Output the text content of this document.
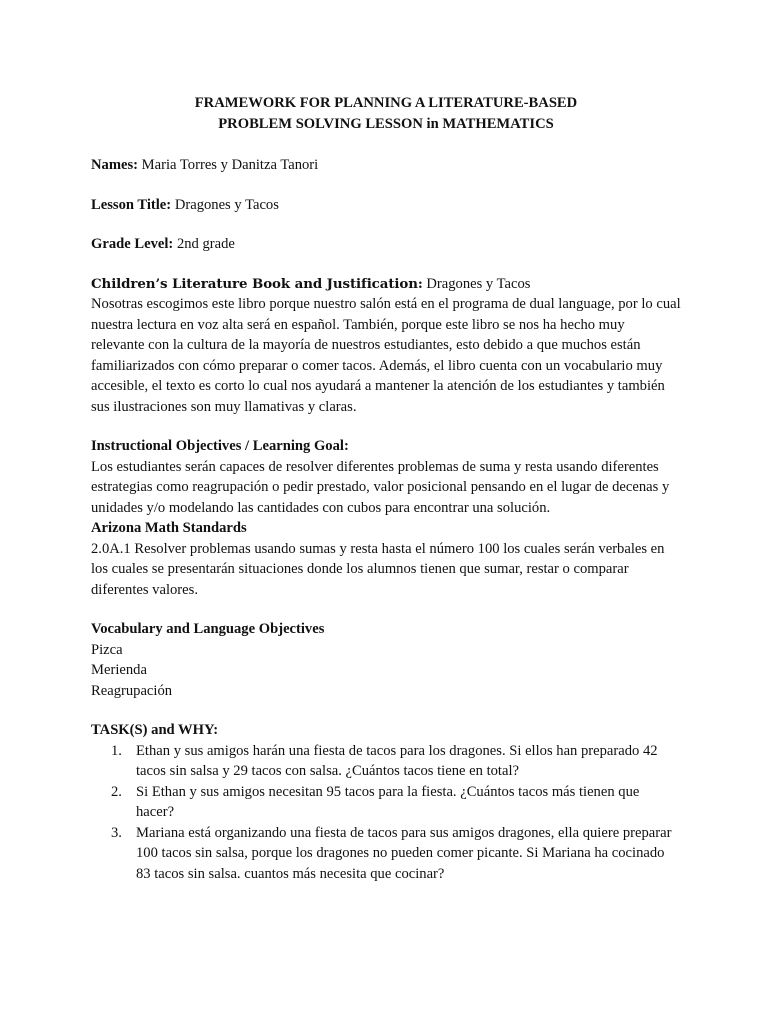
FRAMEWORK FOR PLANNING A LITERATURE-BASED

PROBLEM SOLVING LESSON in MATHEMATICS

Names: Maria Torres y Danitza Tanori

Lesson Title: Dragones y Tacos

Grade Level: 2nd grade

Children’s Literature Book and Justification: Dragones y Tacos

Nosotras escogimos este libro porque nuestro salón está en el programa de dual language, por lo cual nuestra lectura en voz alta será en español. También, porque este libro se nos ha hecho muy relevante con la cultura de la mayoría de nuestros estudiantes, esto debido a que muchos están familiarizados con cómo preparar o comer tacos. Además, el libro cuenta con un vocabulario muy accesible, el texto es corto lo cual nos ayudará a mantener la atención de los estudiantes y también sus ilustraciones son muy llamativas y claras.

Instructional Objectives / Learning Goal:

Los estudiantes serán capaces de resolver diferentes problemas de suma y resta usando diferentes estrategias como reagrupación o pedir prestado, valor posicional pensando en el lugar de decenas y unidades y/o modelando las cantidades con cubos para encontrar una solución.

Arizona Math Standards

2.0A.1 Resolver problemas usando sumas y resta hasta el número 100 los cuales serán verbales en los cuales se presentarán situaciones donde los alumnos tienen que sumar, restar o comparar diferentes valores.

Vocabulary and Language Objectives

Pizca

Merienda

Reagrupación

TASK(S) and WHY:

1. Ethan y sus amigos harán una fiesta de tacos para los dragones. Si ellos han preparado 42 tacos sin salsa y 29 tacos con salsa. ¿Cuántos tacos tiene en total?
2. Si Ethan y sus amigos necesitan 95 tacos para la fiesta. ¿Cuántos tacos más tienen que hacer?
3. Mariana está organizando una fiesta de tacos para sus amigos dragones, ella quiere preparar 100 tacos sin salsa, porque los dragones no pueden comer picante. Si Mariana ha cocinado 83 tacos sin salsa. cuantos más necesita que cocinar?
